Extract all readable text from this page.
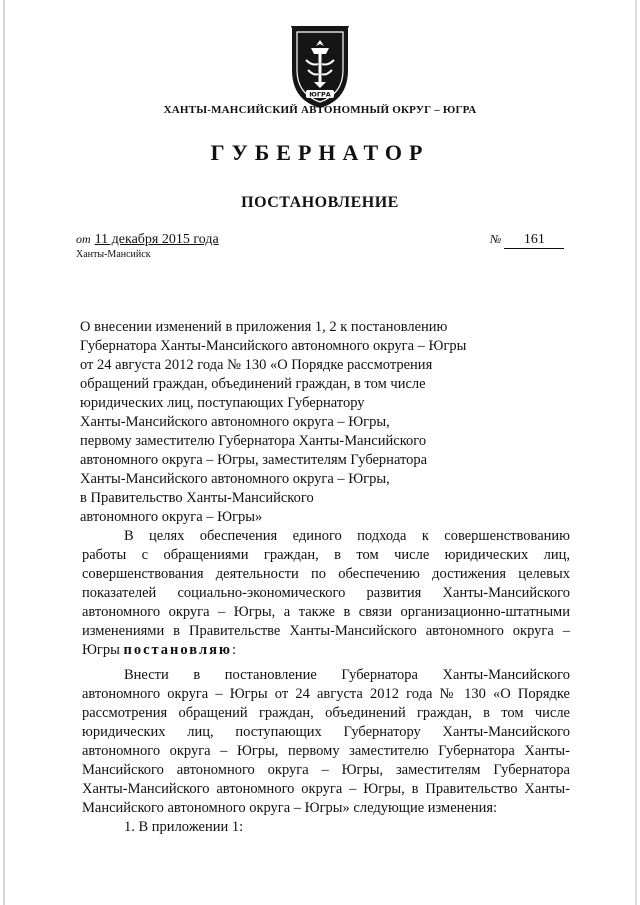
ЮГРА
ХАНТЫ-МАНСИЙСКИЙ АВТОНОМНЫЙ ОКРУГ – ЮГРА
ГУБЕРНАТОР
ПОСТАНОВЛЕНИЕ
от 11 декабря 2015 года
Ханты-Мансийск
№ 161
О внесении изменений в приложения 1, 2 к постановлению
Губернатора Ханты-Мансийского автономного округа – Югры
от 24 августа 2012 года № 130 «О Порядке рассмотрения
обращений граждан, объединений граждан, в том числе
юридических лиц, поступающих Губернатору
Ханты-Мансийского автономного округа – Югры,
первому заместителю Губернатора Ханты-Мансийского
автономного округа – Югры, заместителям Губернатора
Ханты-Мансийского автономного округа – Югры,
в Правительство Ханты-Мансийского
автономного округа – Югры»
В целях обеспечения единого подхода к совершенствованию
работы с обращениями граждан, в том числе юридических лиц,
совершенствования деятельности по обеспечению достижения целевых
показателей социально-экономического развития Ханты-Мансийского
автономного округа – Югры, а также в связи организационно-штатными
изменениями в Правительстве Ханты-Мансийского автономного округа –
Югры постановляю:
Внести в постановление Губернатора Ханты-Мансийского
автономного округа – Югры от 24 августа 2012 года № 130 «О Порядке
рассмотрения обращений граждан, объединений граждан, в том числе
юридических лиц, поступающих Губернатору Ханты-Мансийского
автономного округа – Югры, первому заместителю Губернатора Ханты-
Мансийского автономного округа – Югры, заместителям Губернатора
Ханты-Мансийского автономного округа – Югры, в Правительство Ханты-
Мансийского автономного округа – Югры» следующие изменения:
1. В приложении 1:
